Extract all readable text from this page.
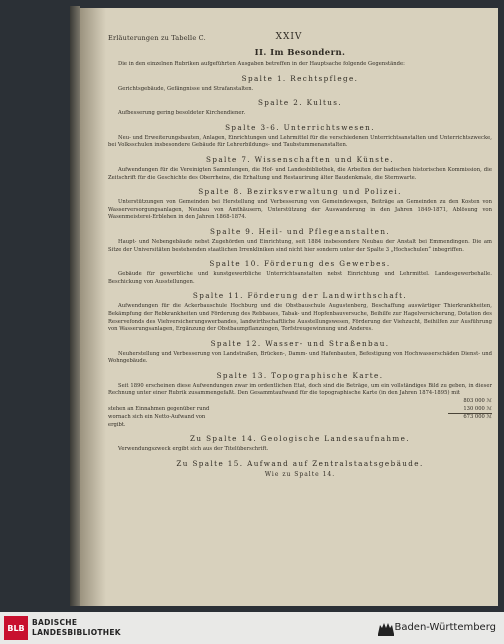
Erläuterungen zu Tabelle C.	XXIV
II. Im Besondern.
Die in den einzelnen Rubriken aufgeführten Ausgaben betreffen in der Hauptsache folgende Gegenstände:
Spalte 1. Rechtspflege.
Gerichtsgebäude, Gefängnisse und Strafanstalten.
Spalte 2. Kultus.
Aufbesserung gering besoldeter Kirchendiener.
Spalte 3-6. Unterrichtswesen.
Neu- und Erweiterungsbauten, Anlagen, Einrichtungen und Lehrmittel für die verschiedenen Unterrichtsanstalten und Unterrichtszwecke, bei Volksschulen insbesondere Gebäude für Lehrerbildungs- und Taubstummenanstalten.
Spalte 7. Wissenschaften und Künste.
Aufwendungen für die Vereinigten Sammlungen, die Hof- und Landesbibliothek, die Arbeiten der badischen historischen Kommission, die Zeitschrift für die Geschichte des Oberrheins, die Erhaltung und Restaurirung älter Baudenkmale, die Sternwarte.
Spalte 8. Bezirksverwaltung und Polizei.
Unterstützungen von Gemeinden bei Herstellung und Verbesserung von Gemeindewegen, Beiträge an Gemeinden zu den Kosten von Wasserversorgungsanlagen, Neubau von Amthäusern, Unterstützung der Auswanderung in den Jahren 1849-1871, Ablösung von Wasenmeisterei-Erblehen in den Jahren 1868-1874.
Spalte 9. Heil- und Pflegeanstalten.
Haupt- und Nebengebäude nebst Zugehörden und Einrichtung, seit 1884 insbesondere Neubau der Anstalt bei Emmendingen. Die am Sitze der Universitäten bestehenden staatlichen Irrenkliniken sind nicht hier sondern unter der Spalte 3 „Hochschulen“ inbegriffen.
Spalte 10. Förderung des Gewerbes.
Gebäude für gewerbliche und kunstgewerbliche Unterrichtsanstalten nebst Einrichtung und Lehrmittel. Landesgewerbehalle. Beschickung von Ausstellungen.
Spalte 11. Förderung der Landwirthschaft.
Aufwendungen für die Ackerbauschule Hochburg und die Obstbauschule Augustenberg, Beschaffung auswärtiger Thierkrankheiten, Bekämpfung der Rebkrankheiten und Förderung des Rebbaues, Tabak- und Hopfenbauversuche, Beihilfe zur Hagelversicherung, Dotation des Reservefonds des Viehversicherungswerbandes, landwirthschaftliche Ausstellungswesen, Förderung der Viehzucht, Beihilfen zur Ausführung von Wasserungsanlagen, Ergänzung der Obstbaumpflanzungen, Torfstreugewinnung und Anderes.
Spalte 12. Wasser- und Straßenbau.
Neuherstellung und Verbesserung von Landstraßen, Brücken-, Damm- und Hafenbauten, Befestigung von Hochwasserschäden Dienst- und Wohngebäude.
Spalte 13. Topographische Karte.
Seit 1890 erscheinen diese Aufwendungen zwar im ordentlichen Etat, doch sind die Beträge, um ein vollständiges Bild zu geben, in dieser Rechnung unter einer Rubrik zusammengefaßt. Den Gesammtaufwand für die topographische Karte (in den Jahren 1874-1895) mit
803 000 ℳ
stehen an Einnahmen gegenüber rund	130 000 ℳ
wornach sich ein Netto-Aufwand von	673 000 ℳ
ergibt.
Zu Spalte 14. Geologische Landesaufnahme.
Verwendungszweck ergibt sich aus der Titelüberschrift.
Zu Spalte 15. Aufwand auf Zentralstaatsgebäude.
Wie zu Spalte 14.
BLB
BADISCHE
LANDESBIBLIOTHEK	Baden-Württemberg
